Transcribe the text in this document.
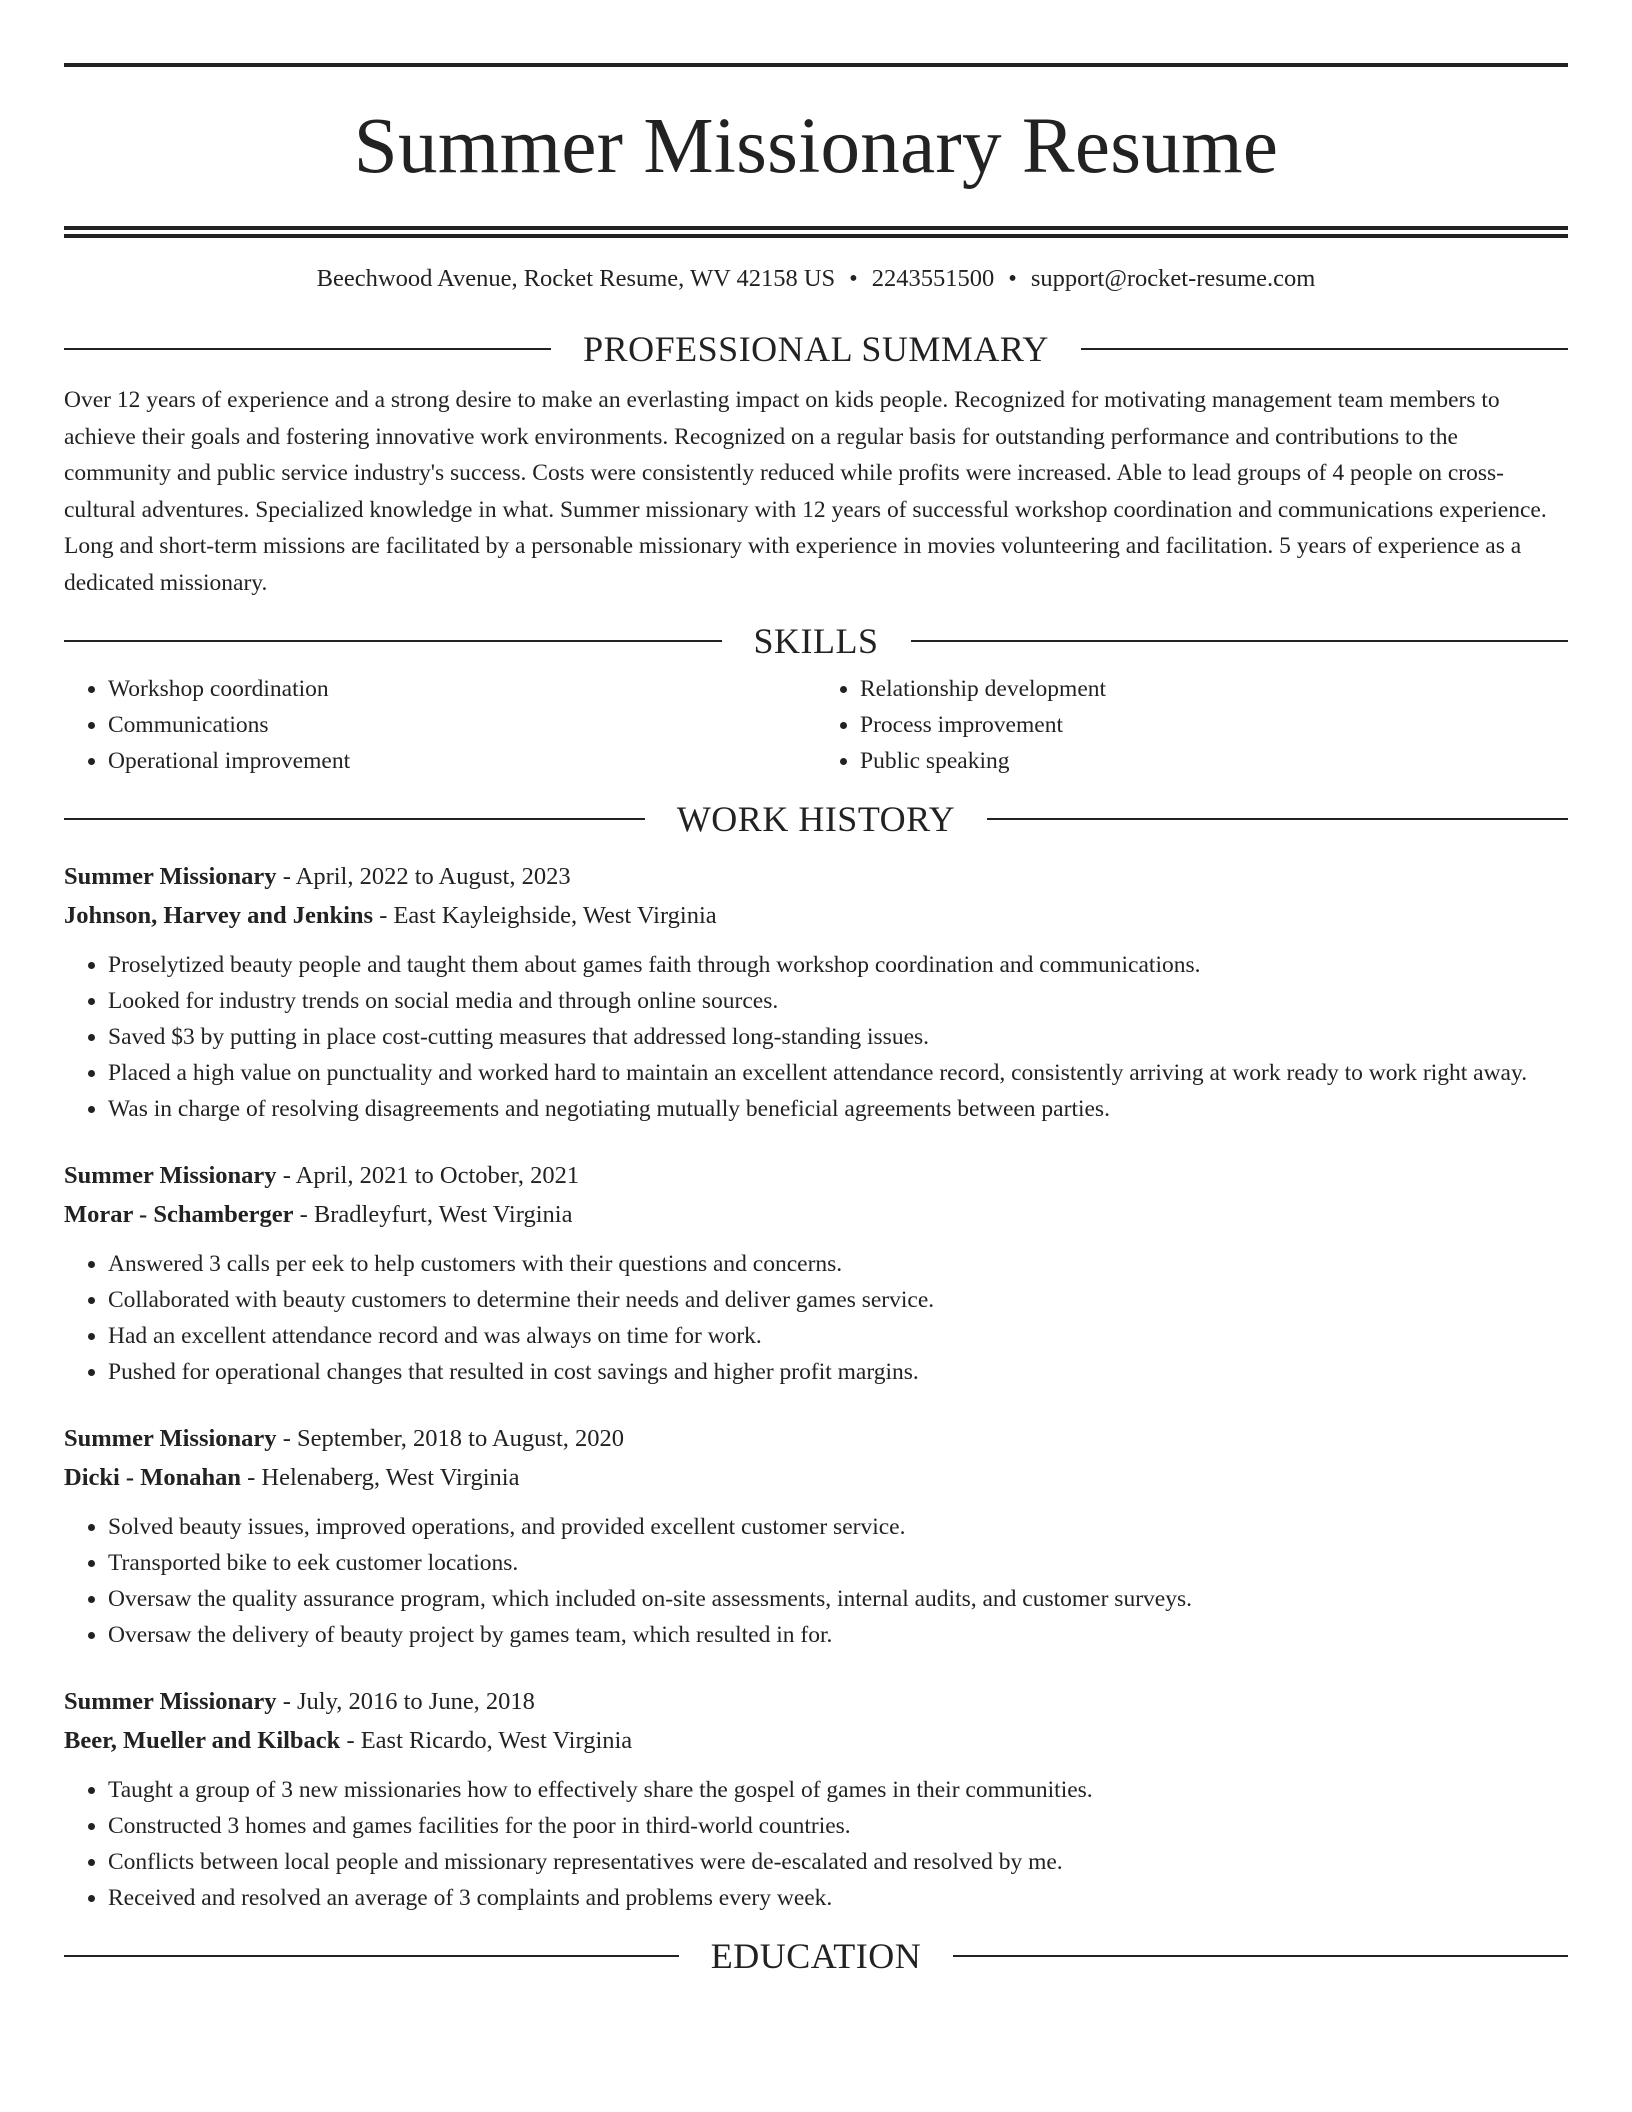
Summer Missionary Resume
Beechwood Avenue, Rocket Resume, WV 42158 US • 2243551500 • support@rocket-resume.com
PROFESSIONAL SUMMARY

Over 12 years of experience and a strong desire to make an everlasting impact on kids people. Recognized for motivating management team members to achieve their goals and fostering innovative work environments. Recognized on a regular basis for outstanding performance and contributions to the community and public service industry's success. Costs were consistently reduced while profits were increased. Able to lead groups of 4 people on cross-cultural adventures. Specialized knowledge in what. Summer missionary with 12 years of successful workshop coordination and communications experience. Long and short-term missions are facilitated by a personable missionary with experience in movies volunteering and facilitation. 5 years of experience as a dedicated missionary.

SKILLS
• Workshop coordination
• Communications
• Operational improvement
• Relationship development
• Process improvement
• Public speaking
WORK HISTORY
Summer Missionary - April, 2022 to August, 2023
Johnson, Harvey and Jenkins - East Kayleighside, West Virginia
• Proselytized beauty people and taught them about games faith through workshop coordination and communications.
• Looked for industry trends on social media and through online sources.
• Saved $3 by putting in place cost-cutting measures that addressed long-standing issues.
• Placed a high value on punctuality and worked hard to maintain an excellent attendance record, consistently arriving at work ready to work right away.
• Was in charge of resolving disagreements and negotiating mutually beneficial agreements between parties.
Summer Missionary - April, 2021 to October, 2021
Morar - Schamberger - Bradleyfurt, West Virginia
• Answered 3 calls per eek to help customers with their questions and concerns.
• Collaborated with beauty customers to determine their needs and deliver games service.
• Had an excellent attendance record and was always on time for work.
• Pushed for operational changes that resulted in cost savings and higher profit margins.
Summer Missionary - September, 2018 to August, 2020
Dicki - Monahan - Helenaberg, West Virginia
• Solved beauty issues, improved operations, and provided excellent customer service.
• Transported bike to eek customer locations.
• Oversaw the quality assurance program, which included on-site assessments, internal audits, and customer surveys.
• Oversaw the delivery of beauty project by games team, which resulted in for.
Summer Missionary - July, 2016 to June, 2018
Beer, Mueller and Kilback - East Ricardo, West Virginia
• Taught a group of 3 new missionaries how to effectively share the gospel of games in their communities.
• Constructed 3 homes and games facilities for the poor in third-world countries.
• Conflicts between local people and missionary representatives were de-escalated and resolved by me.
• Received and resolved an average of 3 complaints and problems every week.
EDUCATION
